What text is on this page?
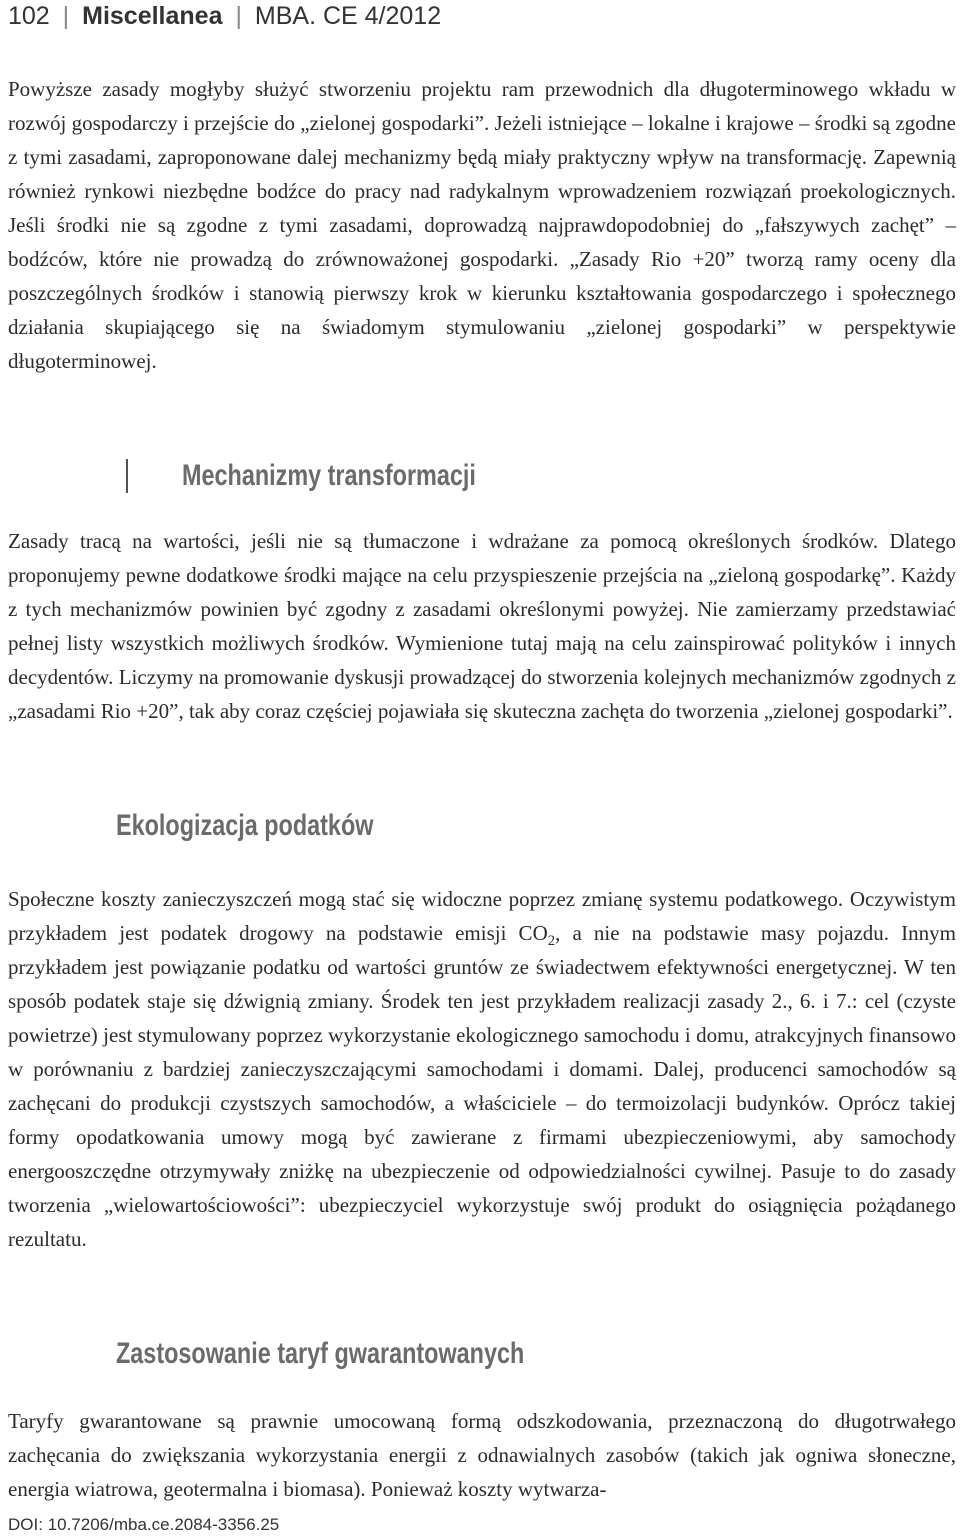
102 | Miscellanea | MBA. CE 4/2012

Powyższe zasady mogłyby służyć stworzeniu projektu ram przewodnich dla długoterminowego wkładu w rozwój gospodarczy i przejście do „zielonej gospodarki”. Jeżeli istniejące – lokalne i krajowe – środki są zgodne z tymi zasadami, zaproponowane dalej mechanizmy będą miały praktyczny wpływ na transformację. Zapewnią również rynkowi niezbędne bodźce do pracy nad radykalnym wprowadzeniem rozwiązań proekologicznych. Jeśli środki nie są zgodne z tymi zasadami, doprowadzą najprawdopodobniej do „fałszywych zachęt” – bodźców, które nie prowadzą do zrównoważonej gospodarki. „Zasady Rio +20” tworzą ramy oceny dla poszczególnych środków i stanowią pierwszy krok w kierunku kształtowania gospodarczego i społecznego działania skupiającego się na świadomym stymulowaniu „zielonej gospodarki” w perspektywie długoterminowej.

Mechanizmy transformacji

Zasady tracą na wartości, jeśli nie są tłumaczone i wdrażane za pomocą określonych środków. Dlatego proponujemy pewne dodatkowe środki mające na celu przyspieszenie przejścia na „zieloną gospodarkę”. Każdy z tych mechanizmów powinien być zgodny z zasadami określonymi powyżej. Nie zamierzamy przedstawiać pełnej listy wszystkich możliwych środków. Wymienione tutaj mają na celu zainspirować polityków i innych decydentów. Liczymy na promowanie dyskusji prowadzącej do stworzenia kolejnych mechanizmów zgodnych z „zasadami Rio +20”, tak aby coraz częściej pojawiała się skuteczna zachęta do tworzenia „zielonej gospodarki”.

Ekologizacja podatków

Społeczne koszty zanieczyszczeń mogą stać się widoczne poprzez zmianę systemu podatkowego. Oczywistym przykładem jest podatek drogowy na podstawie emisji $CO_2$, a nie na podstawie masy pojazdu. Innym przykładem jest powiązanie podatku od wartości gruntów ze świadectwem efektywności energetycznej. W ten sposób podatek staje się dźwignią zmiany. Środek ten jest przykładem realizacji zasady 2., 6. i 7.: cel (czyste powietrze) jest stymulowany poprzez wykorzystanie ekologicznego samochodu i domu, atrakcyjnych finansowo w porównaniu z bardziej zanieczyszczającymi samochodami i domami. Dalej, producenci samochodów są zachęcani do produkcji czystszych samochodów, a właściciele – do termoizolacji budynków. Oprócz takiej formy opodatkowania umowy mogą być zawierane z firmami ubezpieczeniowymi, aby samochody energooszczędne otrzymywały zniżkę na ubezpieczenie od odpowiedzialności cywilnej. Pasuje to do zasady tworzenia „wielowartościowości”: ubezpieczyciel wykorzystuje swój produkt do osiągnięcia pożądanego rezultatu.

Zastosowanie taryf gwarantowanych

Taryfy gwarantowane są prawnie umocowaną formą odszkodowania, przeznaczoną do długotrwałego zachęcania do zwiększania wykorzystania energii z odnawialnych zasobów (takich jak ogniwa słoneczne, energia wiatrowa, geotermalna i biomasa). Ponieważ koszty wytwarza-

DOI: 10.7206/mba.ce.2084-3356.25
